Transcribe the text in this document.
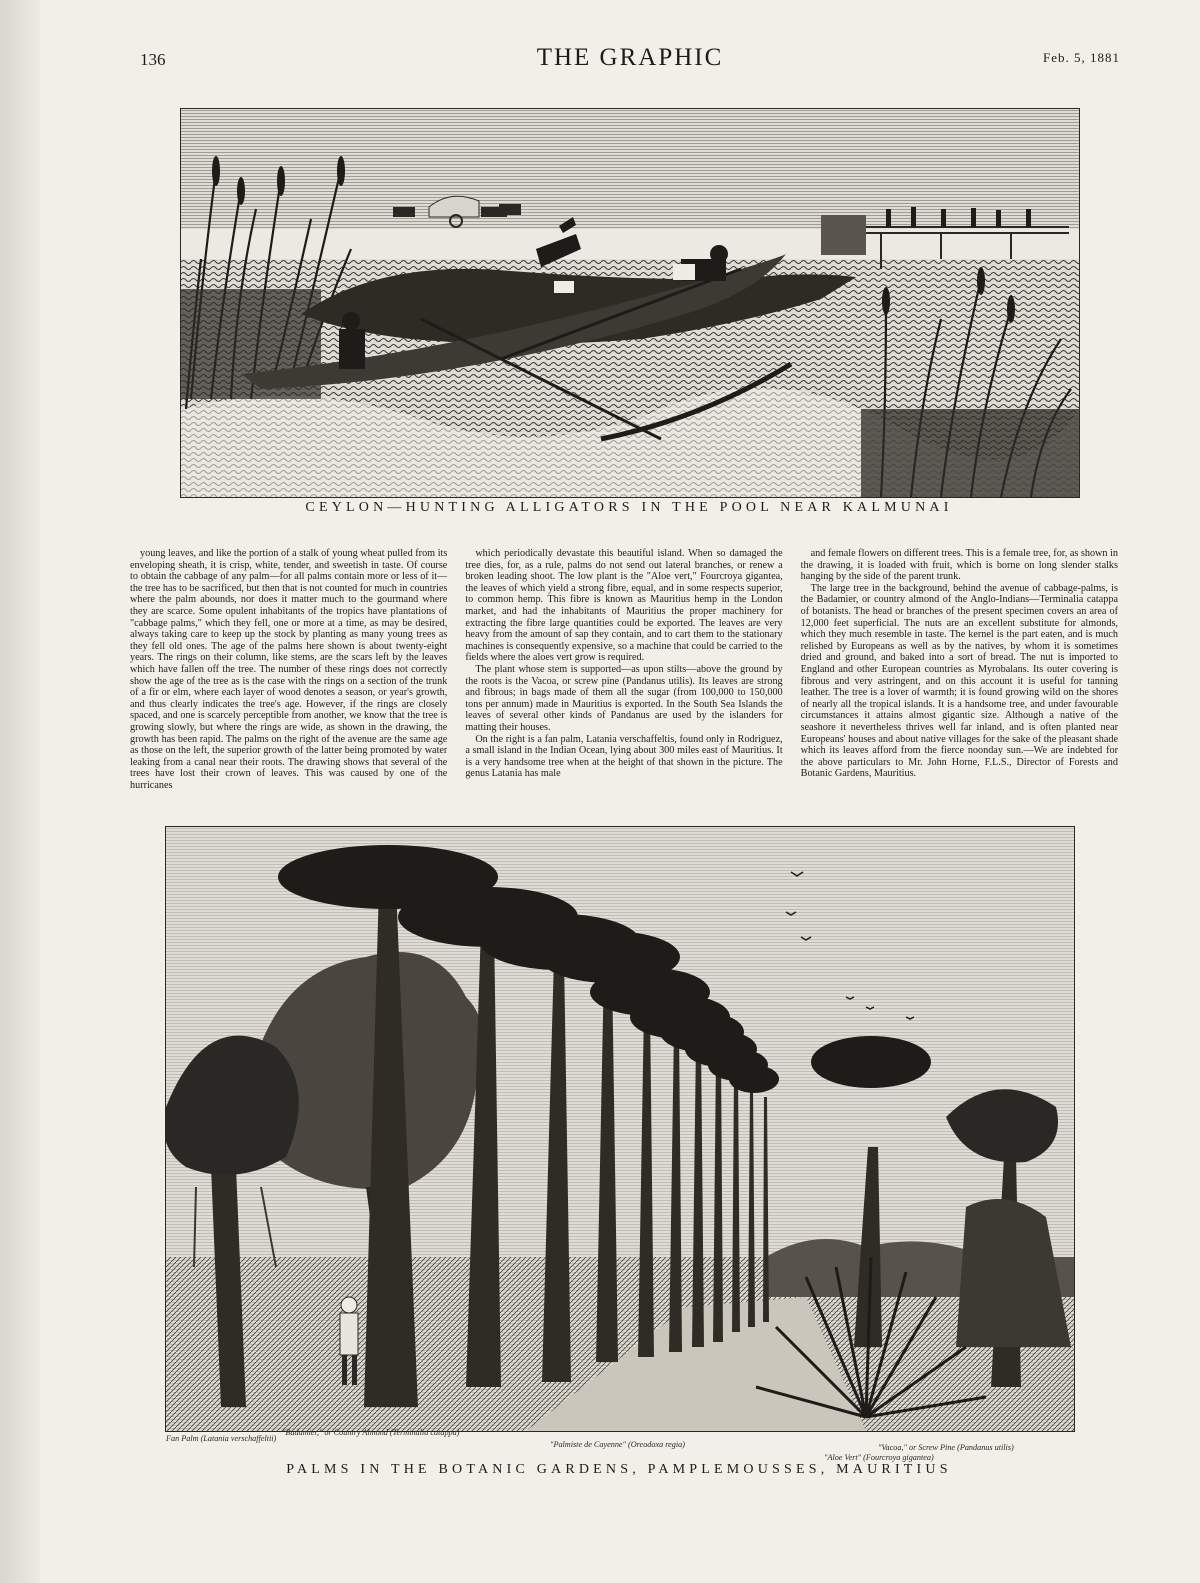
136	THE GRAPHIC	Feb. 5, 1881
CEYLON—HUNTING ALLIGATORS IN THE POOL NEAR KALMUNAI

young leaves, and like the portion of a stalk of young wheat pulled from its enveloping sheath, it is crisp, white, tender, and sweetish in taste. Of course to obtain the cabbage of any palm—for all palms contain more or less of it—the tree has to be sacrificed, but then that is not counted for much in countries where the palm abounds, nor does it matter much to the gourmand where they are scarce. Some opulent inhabitants of the tropics have plantations of "cabbage palms," which they fell, one or more at a time, as may be desired, always taking care to keep up the stock by planting as many young trees as they fell old ones. The age of the palms here shown is about twenty-eight years. The rings on their column, like stems, are the scars left by the leaves which have fallen off the tree. The number of these rings does not correctly show the age of the tree as is the case with the rings on a section of the trunk of a fir or elm, where each layer of wood denotes a season, or year's growth, and thus clearly indicates the tree's age. However, if the rings are closely spaced, and one is scarcely perceptible from another, we know that the tree is growing slowly, but where the rings are wide, as shown in the drawing, the growth has been rapid. The palms on the right of the avenue are the same age as those on the left, the superior growth of the latter being promoted by water leaking from a canal near their roots. The drawing shows that several of the trees have lost their crown of leaves. This was caused by one of the hurricanes

which periodically devastate this beautiful island. When so damaged the tree dies, for, as a rule, palms do not send out lateral branches, or renew a broken leading shoot. The low plant is the "Aloe vert," Fourcroya gigantea, the leaves of which yield a strong fibre, equal, and in some respects superior, to common hemp. This fibre is known as Mauritius hemp in the London market, and had the inhabitants of Mauritius the proper machinery for extracting the fibre large quantities could be exported. The leaves are very heavy from the amount of sap they contain, and to cart them to the stationary machines is consequently expensive, so a machine that could be carried to the fields where the aloes vert grow is required.

The plant whose stem is supported—as upon stilts—above the ground by the roots is the Vacoa, or screw pine (Pandanus utilis). Its leaves are strong and fibrous; in bags made of them all the sugar (from 100,000 to 150,000 tons per annum) made in Mauritius is exported. In the South Sea Islands the leaves of several other kinds of Pandanus are used by the islanders for matting their houses.

On the right is a fan palm, Latania verschaffeltis, found only in Rodriguez, a small island in the Indian Ocean, lying about 300 miles east of Mauritius. It is a very handsome tree when at the height of that shown in the picture. The genus Latania has male

and female flowers on different trees. This is a female tree, for, as shown in the drawing, it is loaded with fruit, which is borne on long slender stalks hanging by the side of the parent trunk.

The large tree in the background, behind the avenue of cabbage-palms, is the Badamier, or country almond of the Anglo-Indians—Terminalia catappa of botanists. The head or branches of the present specimen covers an area of 12,000 feet superficial. The nuts are an excellent substitute for almonds, which they much resemble in taste. The kernel is the part eaten, and is much relished by Europeans as well as by the natives, by whom it is sometimes dried and ground, and baked into a sort of bread. The nut is imported to England and other European countries as Myrobalans. Its outer covering is fibrous and very astringent, and on this account it is useful for tanning leather. The tree is a lover of warmth; it is found growing wild on the shores of nearly all the tropical islands. It is a handsome tree, and under favourable circumstances it attains almost gigantic size. Although a native of the seashore it nevertheless thrives well far inland, and is often planted near Europeans' houses and about native villages for the sake of the pleasant shade which its leaves afford from the fierce noonday sun.—We are indebted for the above particulars to Mr. John Horne, F.L.S., Director of Forests and Botanic Gardens, Mauritius.

Fan Palm (Latania verschaffeltii)
"Badamier," or Country Almond (Terminalia catappa)
"Palmiste de Cayenne" (Oreodoxa regia)	"Vacoa," or Screw Pine (Pandanus utilis)
"Aloe Vert" (Fourcroya gigantea)
PALMS IN THE BOTANIC GARDENS, PAMPLEMOUSSES, MAURITIUS
